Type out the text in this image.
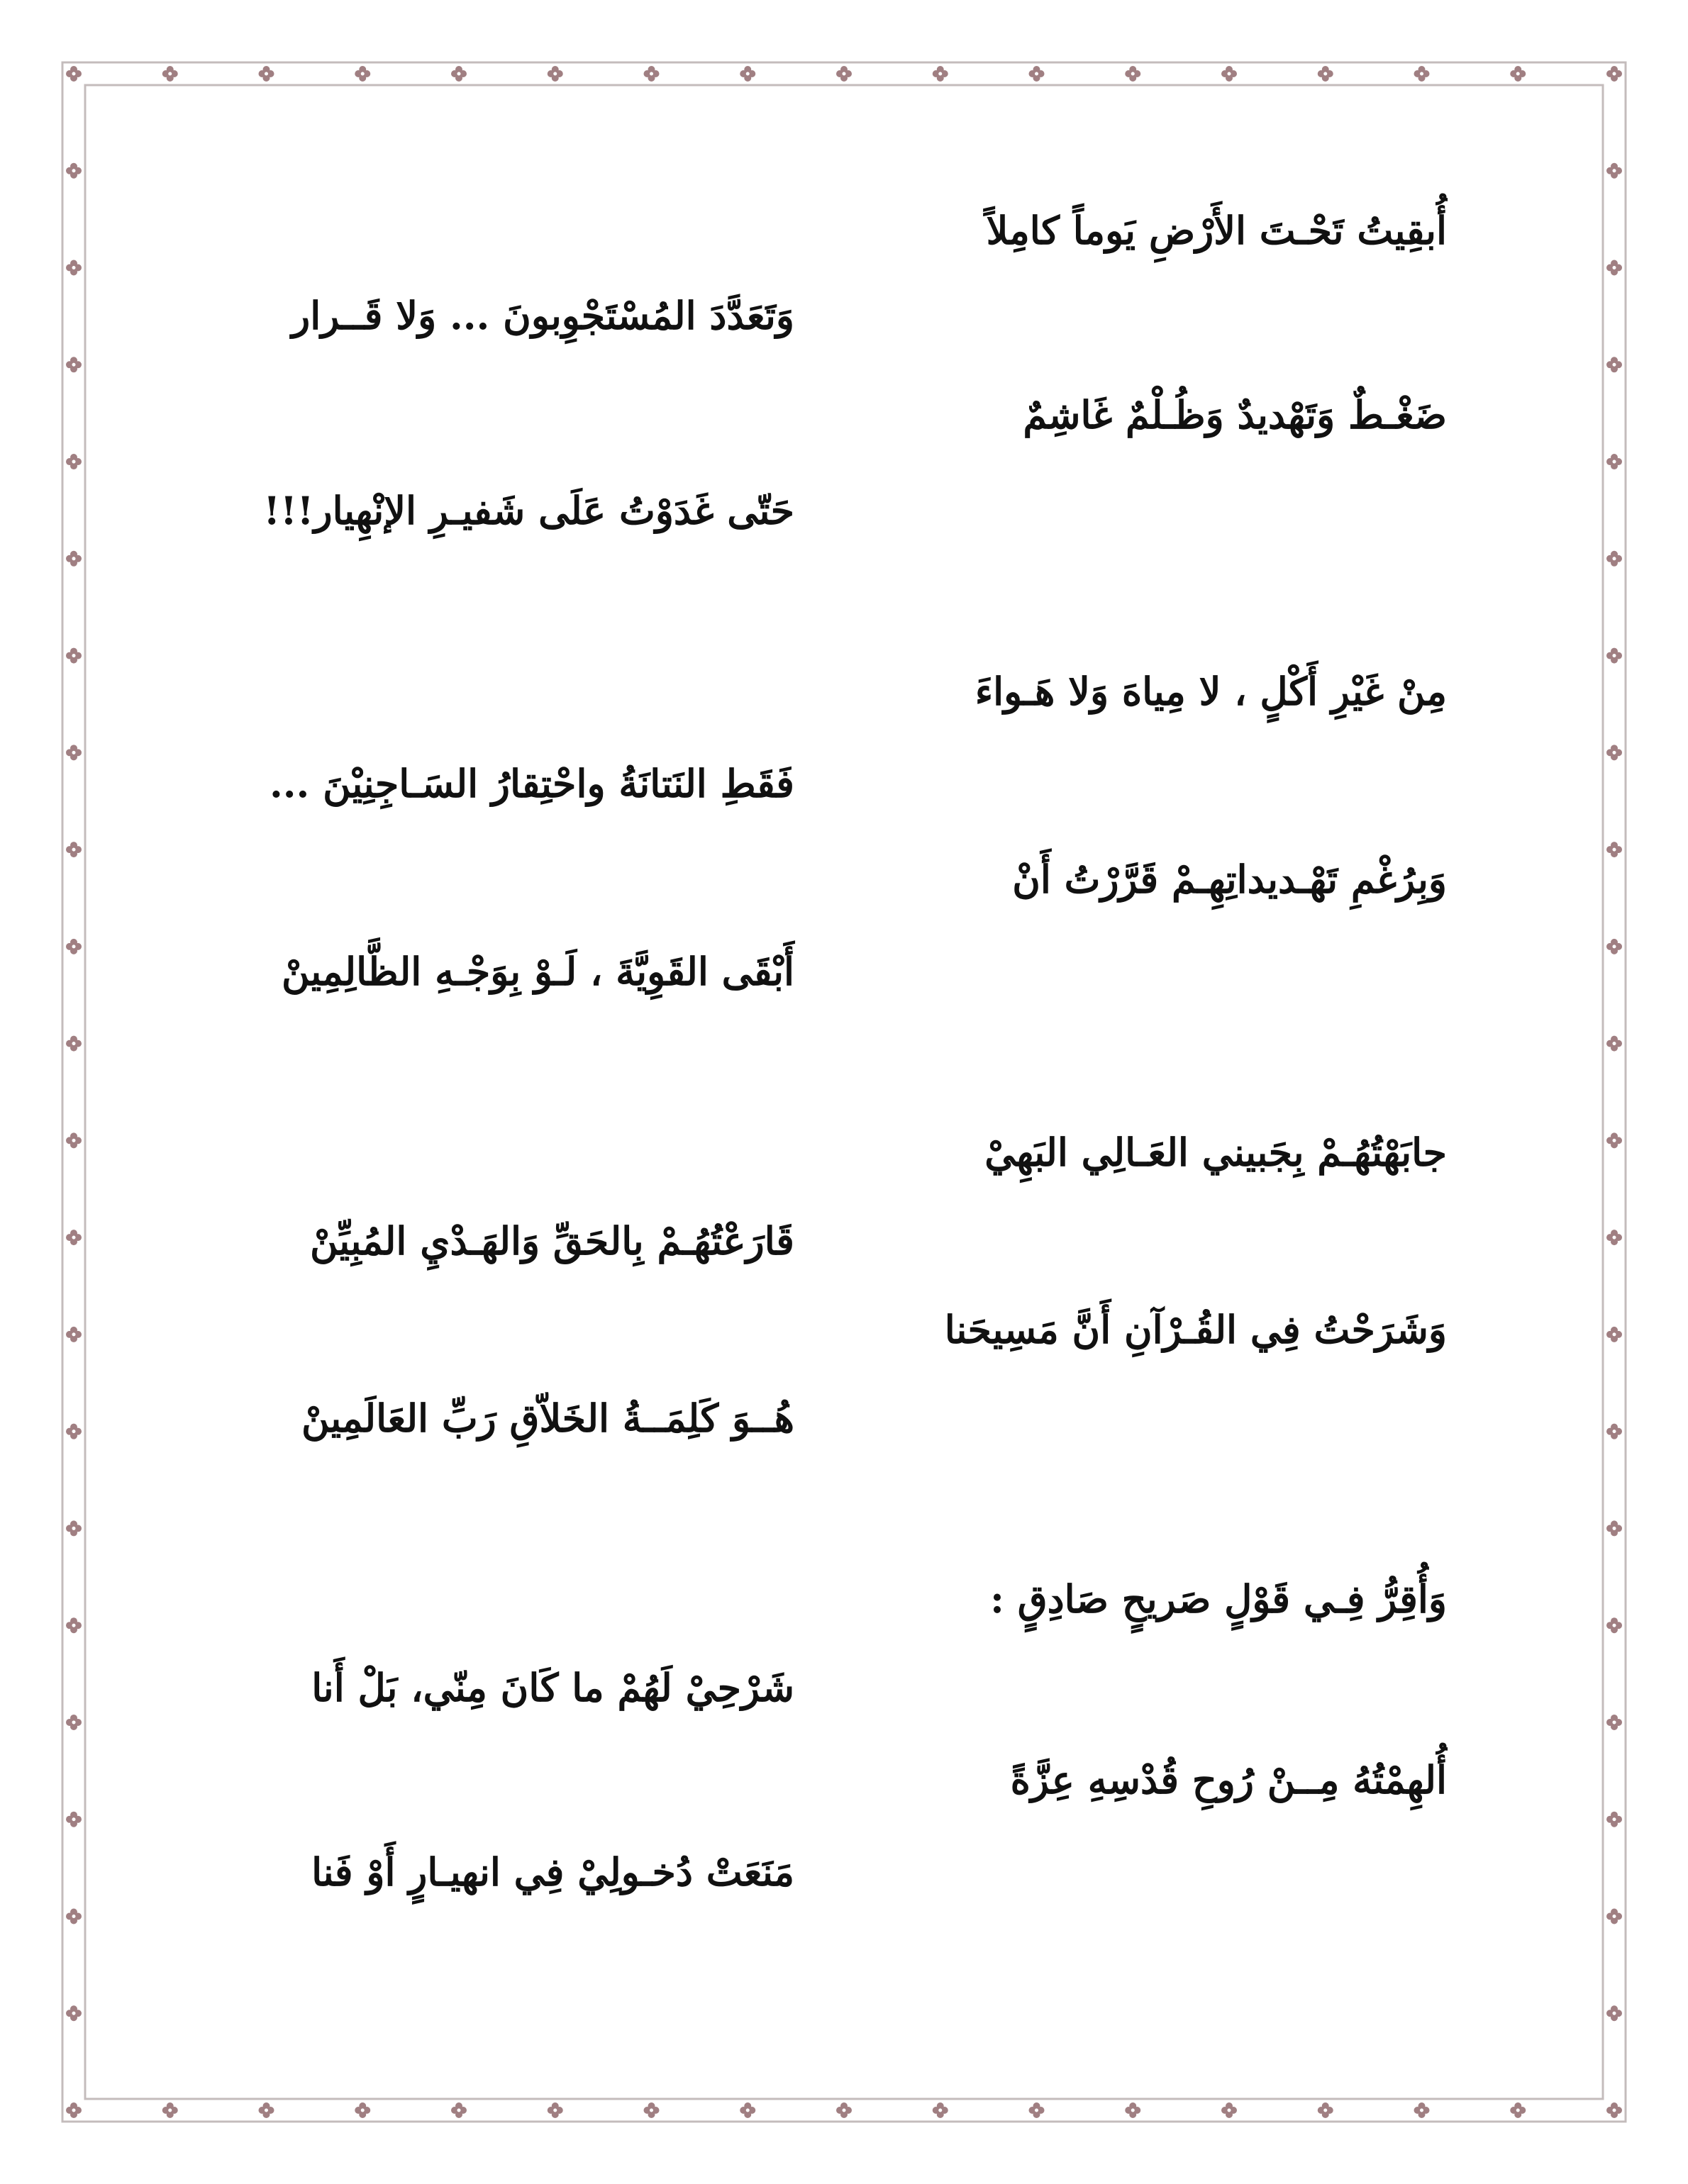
أُبقِيتُ تَحْـتَ الأَرْضِ يَوماً كامِلاً
وَتَعَدَّدَ المُسْتَجْوِبونَ ... وَلا قَــرار
ضَغْـطٌ وَتَهْديدٌ وَظُـلْمٌ غَاشِمٌ
حَتّى غَدَوْتُ عَلَى شَفيـرِ الإنْهِيار!!!
مِنْ غَيْرِ أَكْلٍ ، لا مِياهَ وَلا هَـواءَ
فَقَطِ النَتانَةُ واحْتِقارُ السَـاجِنِيْنَ ...
وَبِرُغْمِ تَهْـديداتِهِـمْ قَرَّرْتُ أَنْ
أَبْقَى القَوِيَّةَ ، لَـوْ بِوَجْـهِ الظَّالِمِينْ
جابَهْتُهُـمْ بِجَبيني العَـالِي البَهِيْ
قَارَعْتُهُـمْ بِالحَقِّ وَالهَـدْيِ المُبِيِّنْ
وَشَرَحْتُ فِي القُـرْآنِ أَنَّ مَسِيحَنا
هُــوَ كَلِمَــةُ الخَلاّقِ رَبِّ العَالَمِينْ
وَأُقِرُّ فِـي قَوْلٍ صَريحٍ صَادِقٍ :
شَرْحِيْ لَهُمْ ما كَانَ مِنّي، بَلْ أَنا
أُلهِمْتُهُ مِــنْ رُوحِ قُدْسِهِ عِزَّةً
مَنَعَتْ دُخـولِيْ فِي انهيـارٍ أَوْ فَنا
